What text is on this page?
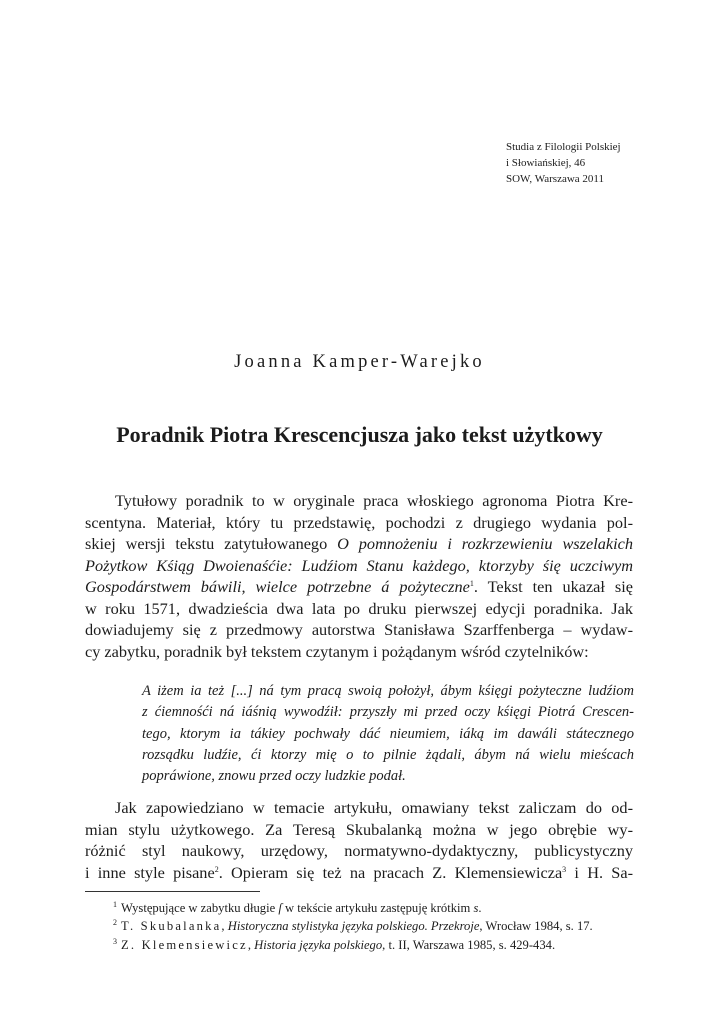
Studia z Filologii Polskiej
i Słowiańskiej, 46
SOW, Warszawa 2011
Joanna Kamper-Warejko
Poradnik Piotra Krescencjusza jako tekst użytkowy
Tytułowy poradnik to w oryginale praca włoskiego agronoma Piotra Kre-
scentyna. Materiał, który tu przedstawię, pochodzi z drugiego wydania pol-
skiej wersji tekstu zatytułowanego O pomnożeniu i rozkrzewieniu wszelakich
Pożytkow Kśiąg Dwoienaśćie: Ludźiom Stanu każdego, ktorzyby śię uczciwym
Gospodárstwem báwili, wielce potrzebne á pożyteczne$^1$. Tekst ten ukazał się
w roku 1571, dwadzieścia dwa lata po druku pierwszej edycji poradnika. Jak
dowiadujemy się z przedmowy autorstwa Stanisława Szarffenberga – wydaw-
cy zabytku, poradnik był tekstem czytanym i pożądanym wśród czytelników:
A iżem ia też [...] ná tym pracą swoią położył, ábym kśięgi pożyteczne ludźiom
z ćiemnośći ná iáśnią wywodźił: przyszły mi przed oczy kśięgi Piotrá Crescen-
tego, ktorym ia tákiey pochwały dáć nieumiem, iáką im dawáli státecznego
rozsądku ludźie, ći ktorzy mię o to pilnie żądali, ábym ná wielu mieścach
popráwione, znowu przed oczy ludzkie podał.
Jak zapowiedziano w temacie artykułu, omawiany tekst zaliczam do od-
mian stylu użytkowego. Za Teresą Skubalanką można w jego obrębie wy-
różnić styl naukowy, urzędowy, normatywno-dydaktyczny, publicystyczny
i inne style pisane$^2$. Opieram się też na pracach Z. Klemensiewicza$^3$ i H. Sa-
$^1$ Występujące w zabytku długie ſ w tekście artykułu zastępuję krótkim s.
$^2$ T. Skubalanka, Historyczna stylistyka języka polskiego. Przekroje, Wrocław 1984, s. 17.
$^3$ Z. Klemensiewicz, Historia języka polskiego, t. II, Warszawa 1985, s. 429-434.
